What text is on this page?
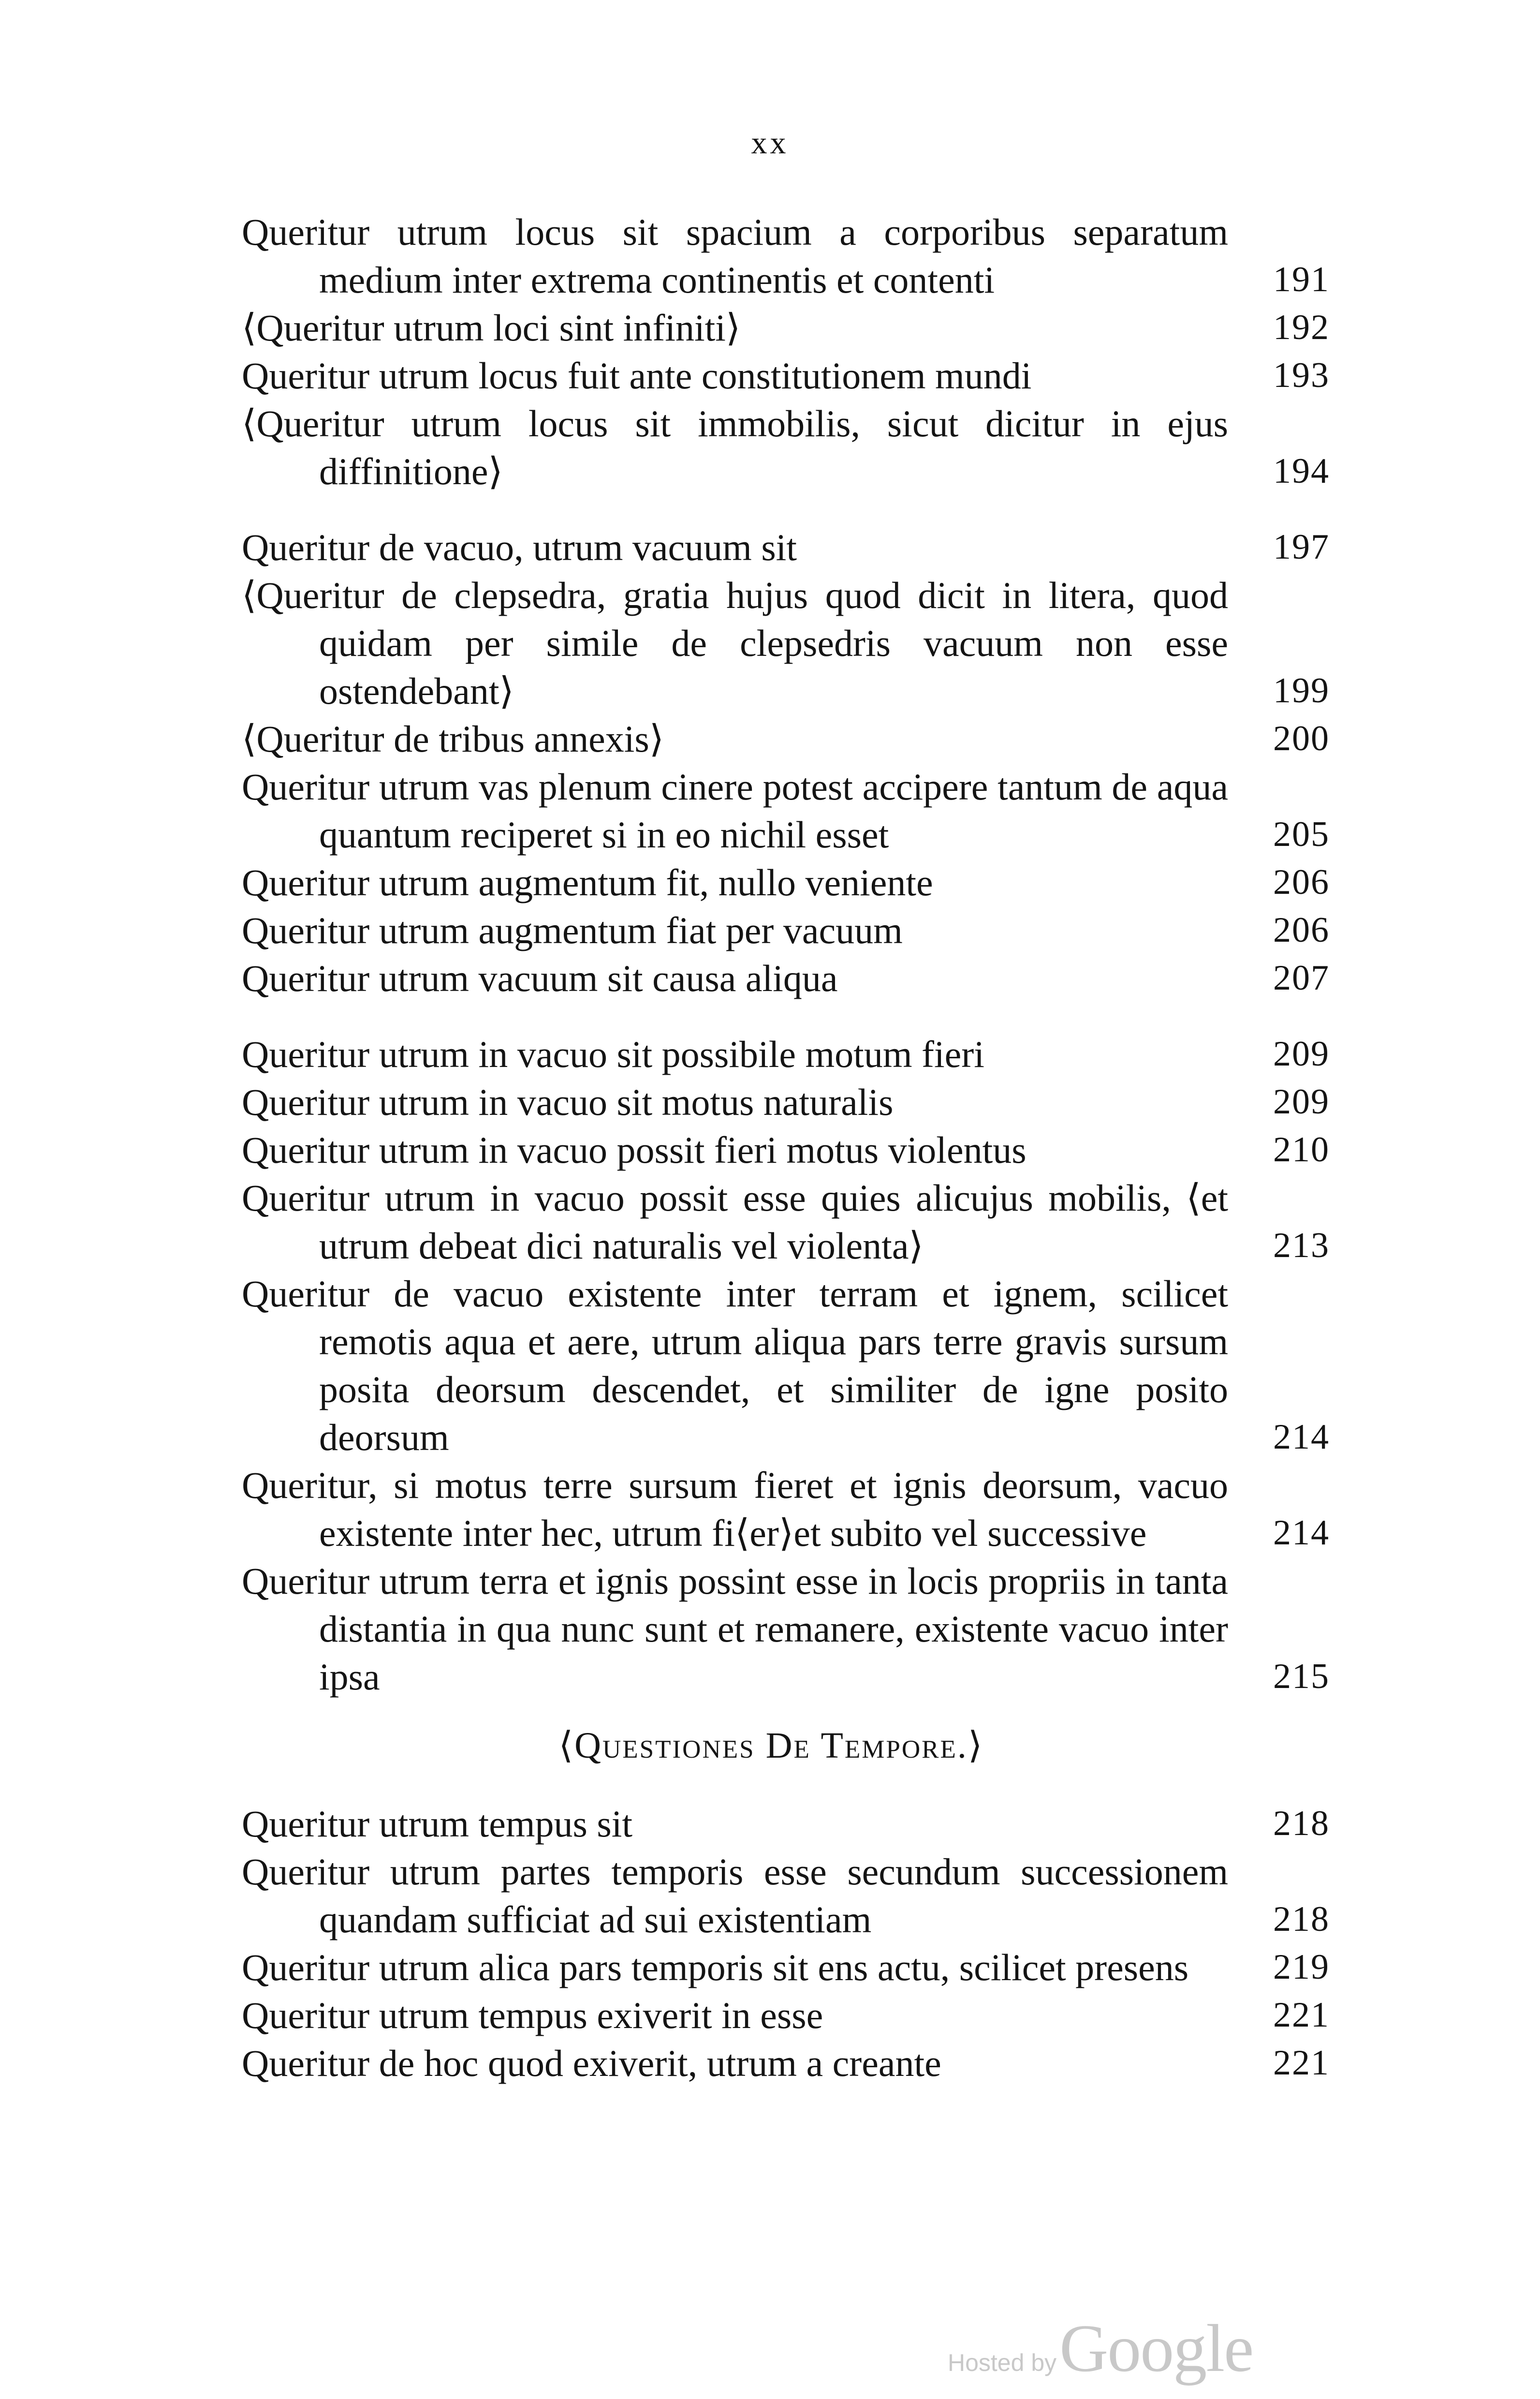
xx
Queritur utrum locus sit spacium a corporibus separatum medium inter extrema continentis et contenti	191
⟨Queritur utrum loci sint infiniti⟩	192
Queritur utrum locus fuit ante constitutionem mundi	193
⟨Queritur utrum locus sit immobilis, sicut dicitur in ejus diffinitione⟩	194
Queritur de vacuo, utrum vacuum sit	197
⟨Queritur de clepsedra, gratia hujus quod dicit in litera, quod quidam per simile de clepsedris vacuum non esse ostendebant⟩	199
⟨Queritur de tribus annexis⟩	200
Queritur utrum vas plenum cinere potest accipere tantum de aqua quantum reciperet si in eo nichil esset	205
Queritur utrum augmentum fit, nullo veniente	206
Queritur utrum augmentum fiat per vacuum	206
Queritur utrum vacuum sit causa aliqua	207
Queritur utrum in vacuo sit possibile motum fieri	209
Queritur utrum in vacuo sit motus naturalis	209
Queritur utrum in vacuo possit fieri motus violentus	210
Queritur utrum in vacuo possit esse quies alicujus mobilis, ⟨et utrum debeat dici naturalis vel violenta⟩	213
Queritur de vacuo existente inter terram et ignem, scilicet remotis aqua et aere, utrum aliqua pars terre gravis sursum posita deorsum descendet, et similiter de igne posito deorsum	214
Queritur, si motus terre sursum fieret et ignis deorsum, vacuo existente inter hec, utrum fi⟨er⟩et subito vel successive	214
Queritur utrum terra et ignis possint esse in locis propriis in tanta distantia in qua nunc sunt et remanere, existente vacuo inter ipsa	215
⟨Questiones De Tempore.⟩
Queritur utrum tempus sit	218
Queritur utrum partes temporis esse secundum successionem quandam sufficiat ad sui existentiam	218
Queritur utrum alica pars temporis sit ens actu, scilicet presens	219
Queritur utrum tempus exiverit in esse	221
Queritur de hoc quod exiverit, utrum a creante	221
Hosted by Google
